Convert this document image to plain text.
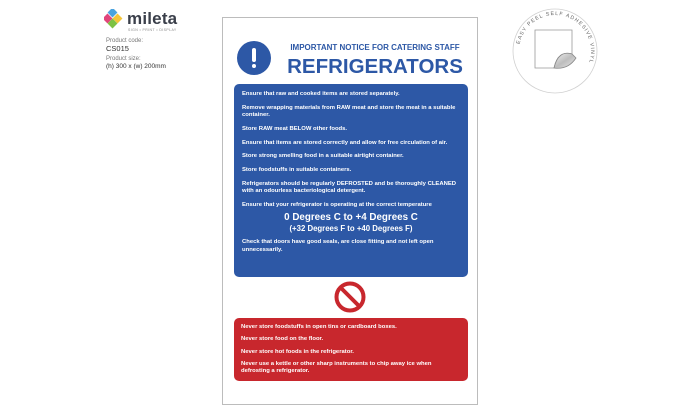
mileta
SIGN • PRINT • DISPLAY
Product code:
CS015
Product size:
(h) 300 x (w) 200mm
IMPORTANT NOTICE FOR CATERING STAFF
REFRIGERATORS

Ensure that raw and cooked items are stored separately.

Remove wrapping materials from RAW meat and store the meat in a suitable container.

Store RAW meat BELOW other foods.

Ensure that items are stored correctly and allow for free circulation of air.

Store strong smelling food in a suitable airtight container.

Store foodstuffs in suitable containers.

Refrigerators should be regularly DEFROSTED and be thoroughly CLEANED with an odourless bacteriological detergent.

Ensure that your refrigerator is operating at the correct temperature

0 Degrees C to +4 Degrees C
(+32 Degrees F to +40 Degrees F)

Check that doors have good seals, are close fitting and not left open unnecessarily.

Never store foodstuffs in open tins or cardboard boxes.

Never store food on the floor.

Never store hot foods in the refrigerator.

Never use a kettle or other sharp instruments to chip away ice when defrosting a refrigerator.

EASY PEEL SELF ADHESIVE VINYL
